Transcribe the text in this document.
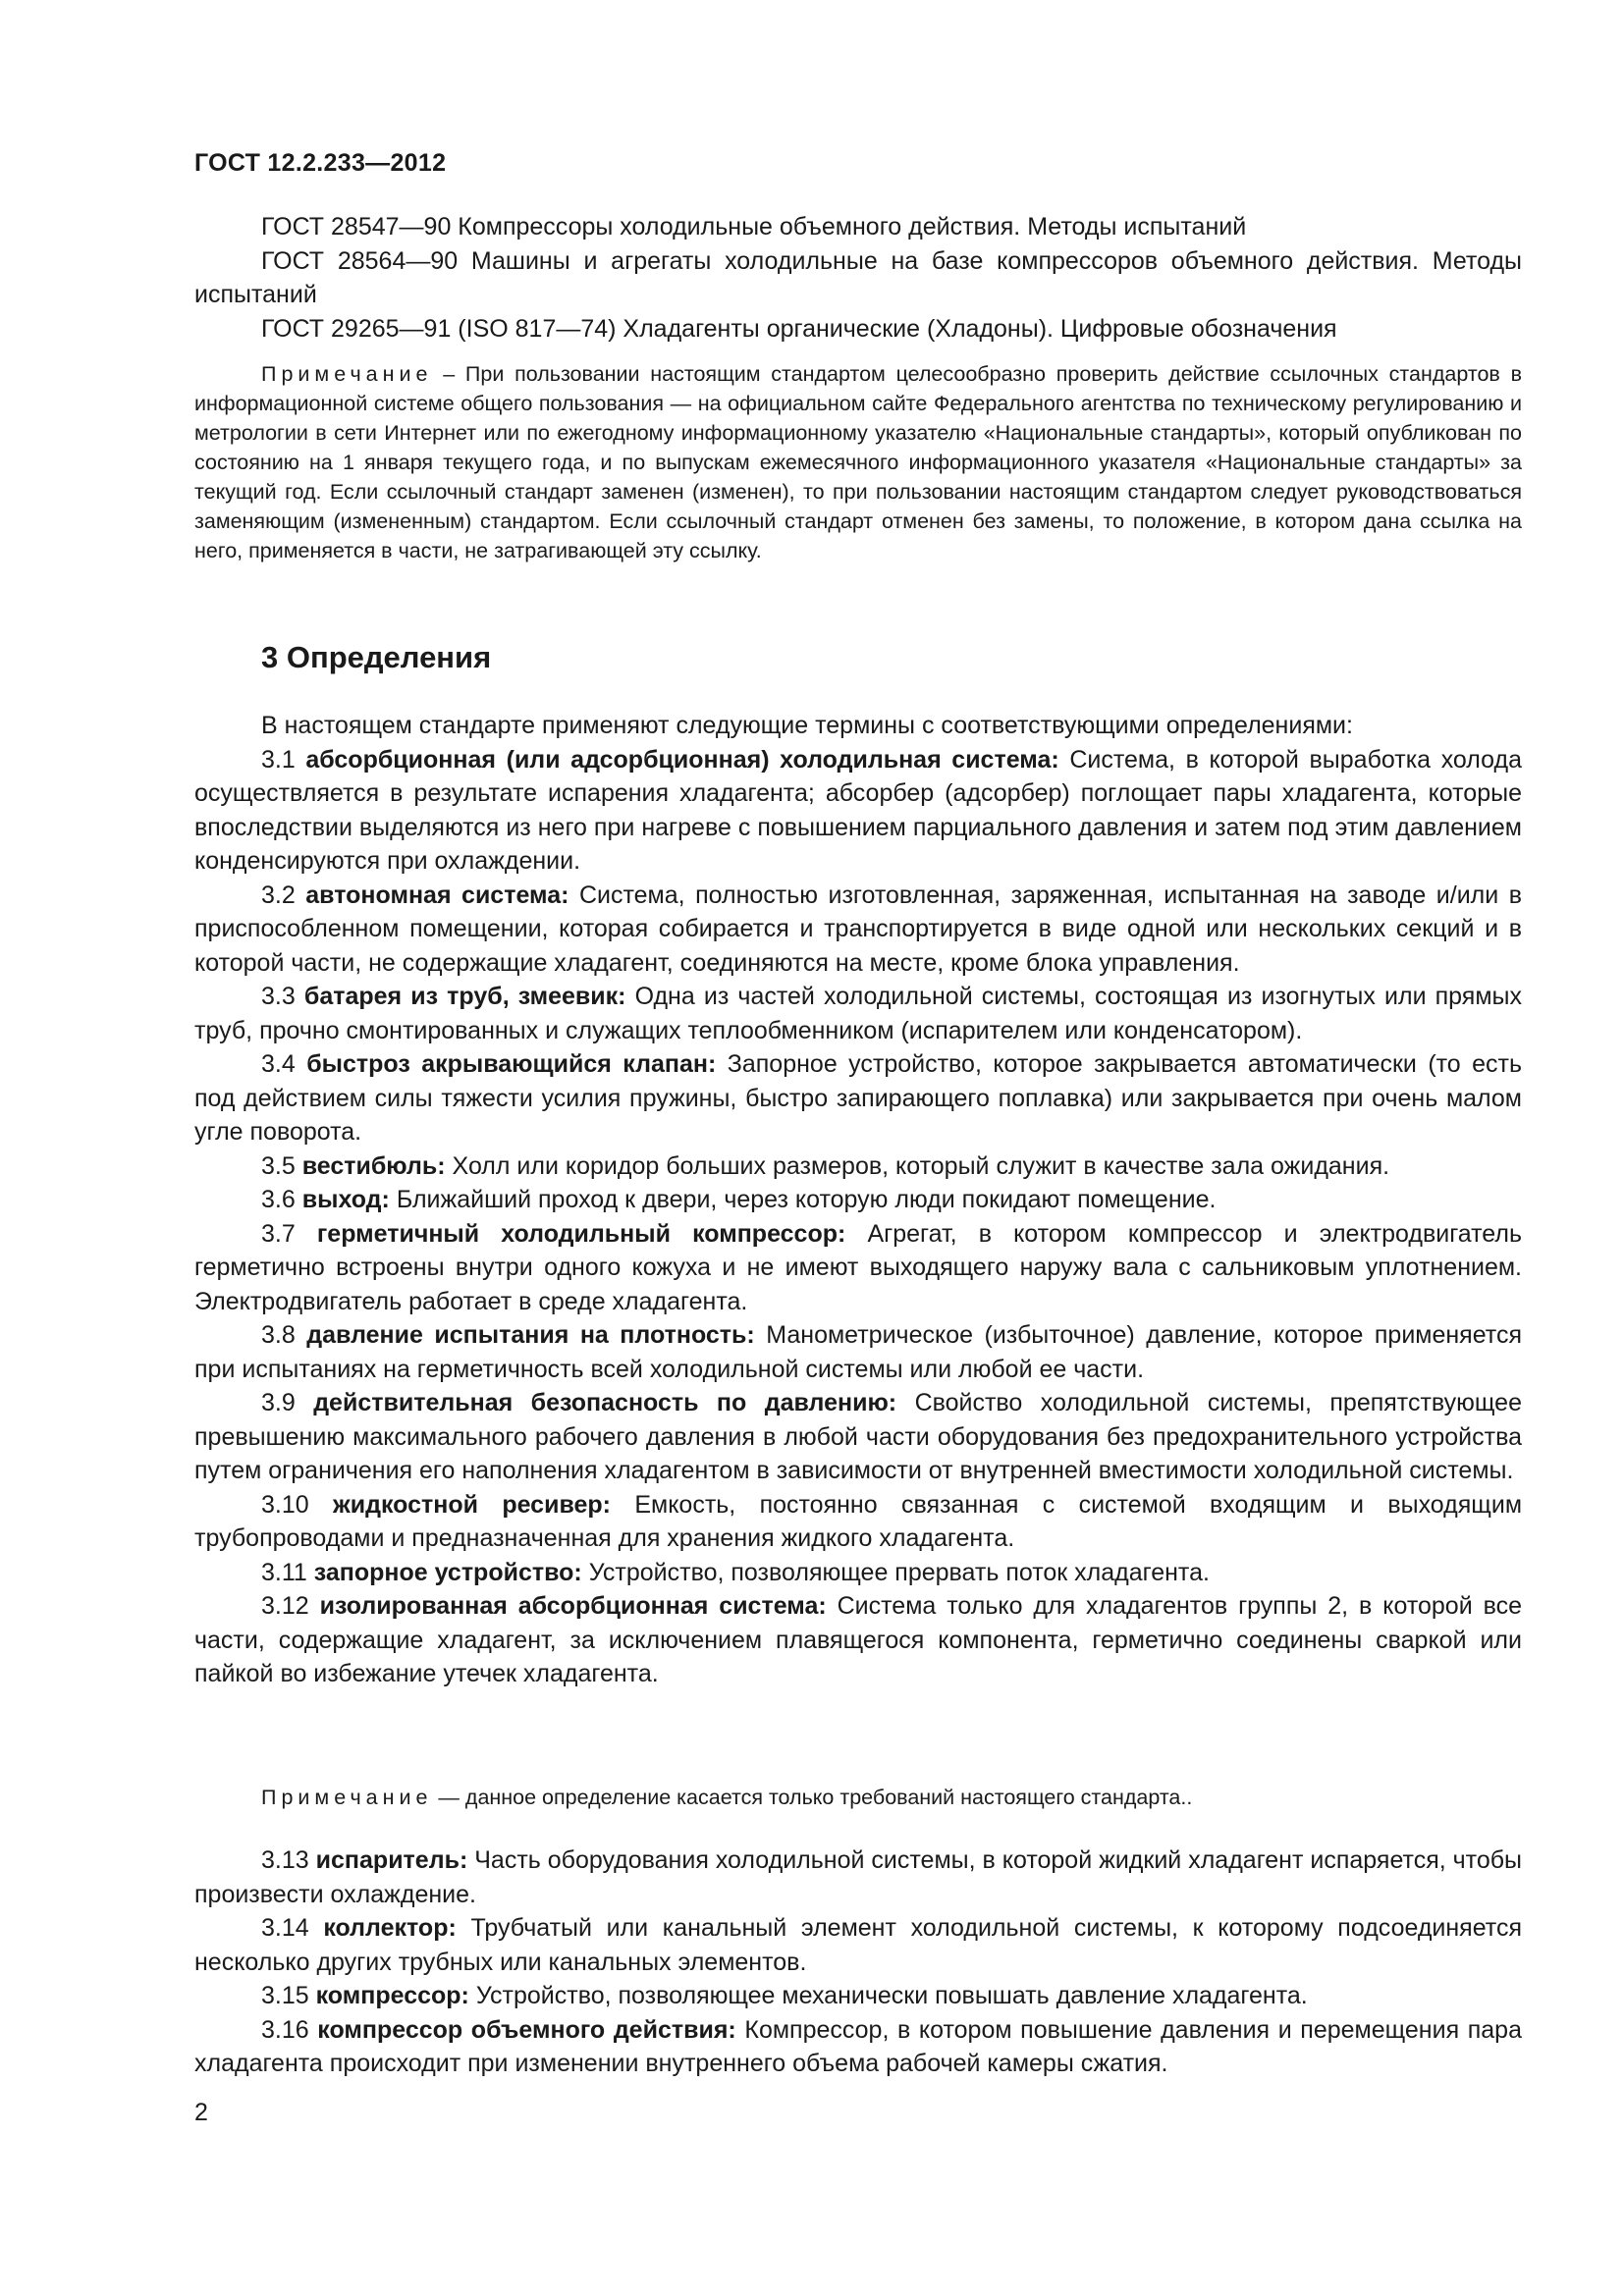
ГОСТ 12.2.233—2012

ГОСТ 28547—90 Компрессоры холодильные объемного действия. Методы испытаний

ГОСТ 28564—90 Машины и агрегаты холодильные на базе компрессоров объемного действия. Методы испытаний

ГОСТ 29265—91 (ISO 817—74) Хладагенты органические (Хладоны). Цифровые обозначения

Примечание – При пользовании настоящим стандартом целесообразно проверить действие ссылочных стандартов в информационной системе общего пользования — на официальном сайте Федерального агентства по техническому регулированию и метрологии в сети Интернет или по ежегодному информационному указателю «Национальные стандарты», который опубликован по состоянию на 1 января текущего года, и по выпускам ежемесячного информационного указателя «Национальные стандарты» за текущий год. Если ссылочный стандарт заменен (изменен), то при пользовании настоящим стандартом следует руководствоваться заменяющим (измененным) стандартом. Если ссылочный стандарт отменен без замены, то положение, в котором дана ссылка на него, применяется в части, не затрагивающей эту ссылку.
3 Определения

В настоящем стандарте применяют следующие термины с соответствующими определениями:

3.1 абсорбционная (или адсорбционная) холодильная система: Система, в которой выработка холода осуществляется в результате испарения хладагента; абсорбер (адсорбер) поглощает пары хладагента, которые впоследствии выделяются из него при нагреве с повышением парциального давления и затем под этим давлением конденсируются при охлаждении.

3.2 автономная система: Система, полностью изготовленная, заряженная, испытанная на заводе и/или в приспособленном помещении, которая собирается и транспортируется в виде одной или нескольких секций и в которой части, не содержащие хладагент, соединяются на месте, кроме блока управления.

3.3 батарея из труб, змеевик: Одна из частей холодильной системы, состоящая из изогнутых или прямых труб, прочно смонтированных и служащих теплообменником (испарителем или конденсатором).

3.4 быстроз акрывающийся клапан: Запорное устройство, которое закрывается автоматически (то есть под действием силы тяжести усилия пружины, быстро запирающего поплавка) или закрывается при очень малом угле поворота.

3.5 вестибюль: Холл или коридор больших размеров, который служит в качестве зала ожидания.

3.6 выход: Ближайший проход к двери, через которую люди покидают помещение.

3.7 герметичный холодильный компрессор: Агрегат, в котором компрессор и электродвигатель герметично встроены внутри одного кожуха и не имеют выходящего наружу вала с сальниковым уплотнением. Электродвигатель работает в среде хладагента.

3.8 давление испытания на плотность: Манометрическое (избыточное) давление, которое применяется при испытаниях на герметичность всей холодильной системы или любой ее части.

3.9 действительная безопасность по давлению: Свойство холодильной системы, препятствующее превышению максимального рабочего давления в любой части оборудования без предохранительного устройства путем ограничения его наполнения хладагентом в зависимости от внутренней вместимости холодильной системы.

3.10 жидкостной ресивер: Емкость, постоянно связанная с системой входящим и выходящим трубопроводами и предназначенная для хранения жидкого хладагента.

3.11 запорное устройство: Устройство, позволяющее прервать поток хладагента.

3.12 изолированная абсорбционная система: Система только для хладагентов группы 2, в которой все части, содержащие хладагент, за исключением плавящегося компонента, герметично соединены сваркой или пайкой во избежание утечек хладагента.

Примечание — данное определение касается только требований настоящего стандарта..

3.13 испаритель: Часть оборудования холодильной системы, в которой жидкий хладагент испаряется, чтобы произвести охлаждение.

3.14 коллектор: Трубчатый или канальный элемент холодильной системы, к которому подсоединяется несколько других трубных или канальных элементов.

3.15 компрессор: Устройство, позволяющее механически повышать давление хладагента.

3.16 компрессор объемного действия: Компрессор, в котором повышение давления и перемещения пара хладагента происходит при изменении внутреннего объема рабочей камеры сжатия.

2
